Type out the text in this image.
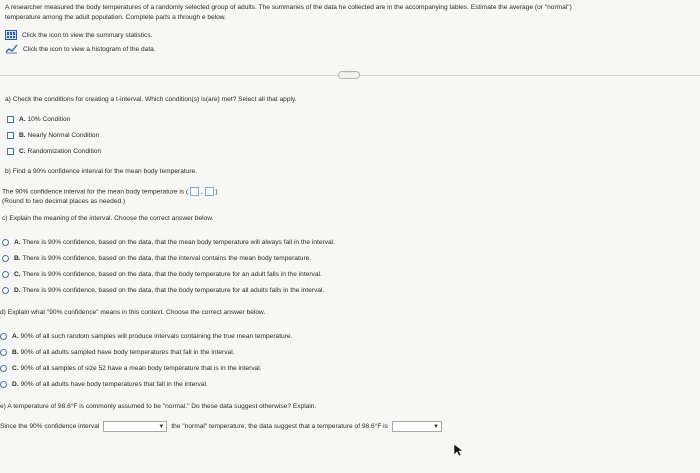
A researcher measured the body temperatures of a randomly selected group of adults. The summaries of the data he collected are in the accompanying tables. Estimate the average (or "normal")
temperature among the adult population. Complete parts a through e below.
Click the icon to view the summary statistics.
Click the icon to view a histogram of the data.
····
a) Check the conditions for creating a t-interval. Which condition(s) is(are) met? Select all that apply.
A. 10% Condition
B. Nearly Normal Condition
C. Randomization Condition
b) Find a 90% confidence interval for the mean body temperature.
The 90% confidence interval for the mean body temperature is ( , )
(Round to two decimal places as needed.)
c) Explain the meaning of the interval. Choose the correct answer below.
A. There is 90% confidence, based on the data, that the mean body temperature will always fall in the interval.
B. There is 90% confidence, based on the data, that the interval contains the mean body temperature.
C. There is 90% confidence, based on the data, that the body temperature for an adult falls in the interval.
D. There is 90% confidence, based on the data, that the body temperature for all adults falls in the interval.
d) Explain what "90% confidence" means in this context. Choose the correct answer below.
A. 90% of all such random samples will produce intervals containing the true mean temperature.
B. 90% of all adults sampled have body temperatures that fall in the interval.
C. 90% of all samples of size 52 have a mean body temperature that is in the interval.
D. 90% of all adults have body temperatures that fall in the interval.
e) A temperature of 98.6°F is commonly assumed to be "normal." Do these data suggest otherwise? Explain.
Since the 90% confidence interval	▼ the "normal" temperature, the data suggest that a temperature of 98.6°F is	▼
